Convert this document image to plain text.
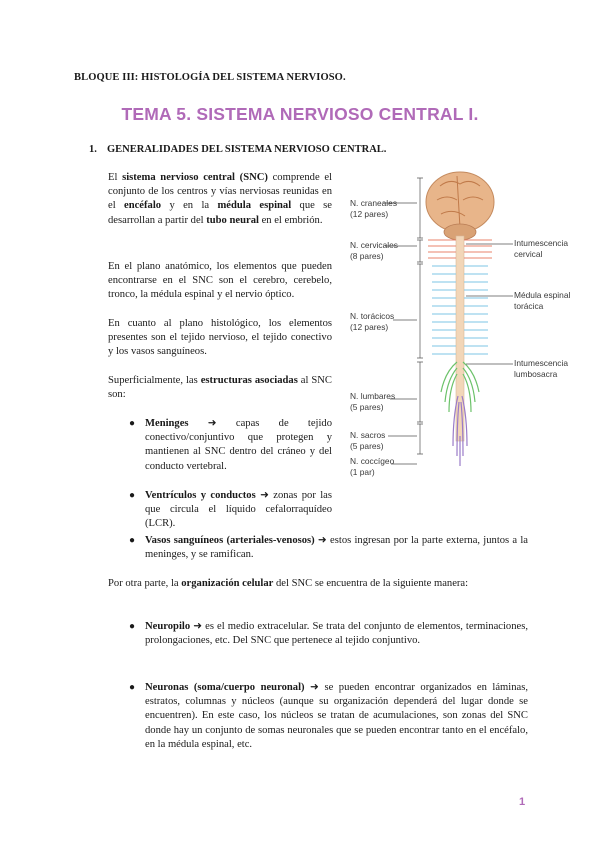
BLOQUE III: HISTOLOGÍA DEL SISTEMA NERVIOSO.
TEMA 5. SISTEMA NERVIOSO CENTRAL I.
1. GENERALIDADES DEL SISTEMA NERVIOSO CENTRAL.
El sistema nervioso central (SNC) comprende el conjunto de los centros y vías nerviosas reunidas en el encéfalo y en la médula espinal que se desarrollan a partir del tubo neural en el embrión.
En el plano anatómico, los elementos que pueden encontrarse en el SNC son el cerebro, cerebelo, tronco, la médula espinal y el nervio óptico.
En cuanto al plano histológico, los elementos presentes son el tejido nervioso, el tejido conectivo y los vasos sanguíneos.
Superficialmente, las estructuras asociadas al SNC son:
● Meninges ➜ capas de tejido conectivo/conjuntivo que protegen y mantienen al SNC dentro del cráneo y del conducto vertebral.
● Ventrículos y conductos ➜ zonas por las que circula el líquido cefalorraquídeo (LCR).
● Vasos sanguíneos (arteriales-venosos) ➜ estos ingresan por la parte externa, juntos a la meninges, y se ramifican.
Por otra parte, la organización celular del SNC se encuentra de la siguiente manera:
● Neuropilo ➜ es el medio extracelular. Se trata del conjunto de elementos, terminaciones, prolongaciones, etc. Del SNC que pertenece al tejido conjuntivo.
● Neuronas (soma/cuerpo neuronal) ➜ se pueden encontrar organizados en láminas, estratos, columnas y núcleos (aunque su organización dependerá del lugar donde se encuentren). En este caso, los núcleos se tratan de acumulaciones, son zonas del SNC donde hay un conjunto de somas neuronales que se pueden encontrar tanto en el encéfalo, en la médula espinal, etc.
N. craneales
(12 pares)
N. cervicales
(8 pares)
N. torácicos
(12 pares)
N. lumbares
(5 pares)
N. sacros
(5 pares)
N. coccígeo
(1 par)
Intumescencia
cervical
Médula espinal
torácica
Intumescencia
lumbosacra
1
